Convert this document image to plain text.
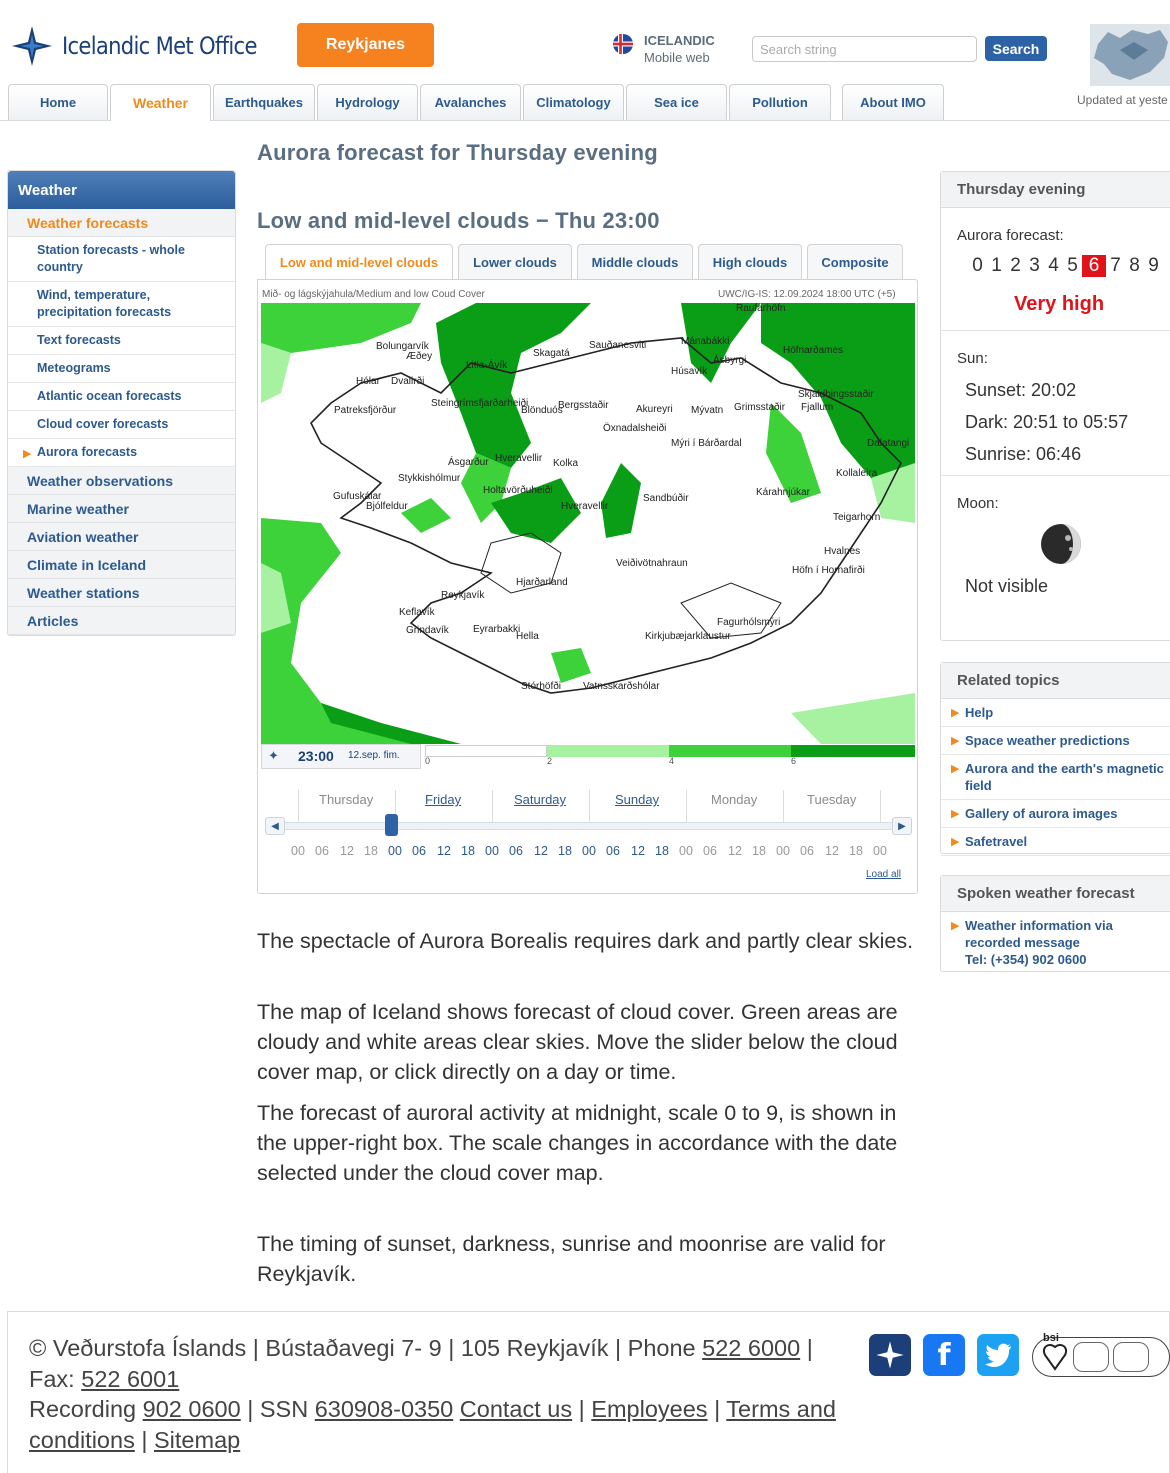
Icelandic Met Office	Reykjanes	ICELANDIC
Mobile web
Search string
Search
Updated at yeste
Home	Weather	Earthquakes	Hydrology	Avalanches	Climatology	Sea ice	Pollution	About IMO
Weather
Weather forecasts
Station forecasts - whole country
Wind, temperature, precipitation forecasts
Text forecasts
Meteograms
Atlantic ocean forecasts
Cloud cover forecasts
▶ Aurora forecasts
Weather observations
Marine weather
Aviation weather
Climate in Iceland
Weather stations
Articles
Aurora forecast for Thursday evening
Low and mid-level clouds − Thu 23:00
Low and mid-level clouds	Lower clouds	Middle clouds	High clouds	Composite
Mið- og lágskýjahula/Medium and low Coud Cover	UWC/IG-IS: 12.09.2024 18:00 UTC (+5)
Bolungarvík
Æðey
Hólar Dvalirði
Patreksfjörður
Litla-Ávík
Skagatá
Sauðanesviti	Mánabákki
Raufarhöfn
Ásbyrgi
Húsavík
Höfnarðames
Steingrímsfjarðarheiði
Blönduós
Bergsstaðir	Akureyri Mývatn Grimsstaðir
Skjaldbingsstaðir
Fjallum
Öxnadalsheiði
Mýri í Bárðardal	Dalatangi
Ásgarður Hveravellir Kolka
Kollaleira
Stykkishólmur
Holtavörðuheiði
Sandbúðir
Kárahnjúkar
Gufuskálar
Bjólfeldur	Hveravellir
Teigarhorn
Hvalnes
Veiðivötnahraun
Höfn í Hornafirði
Hjarðarland
Reykjavík
Keflavík
Grindavík Eyrarbakki
Hella
Fagurhólsmýri
Kirkjubæjarklaustur
Stórhöfði Vatnsskarðshólar
✦ 23:00 12.sep. fim.	0	2	4	6
Thursday	Friday	Saturday	Sunday	Monday	Tuesday
◀	▶
00 06 12 18 00 06 12 18 00 06 12 18 00 06 12 18 00 06 12 18 00 06 12 18 00
Load all
The spectacle of Aurora Borealis requires dark and partly clear skies.
The map of Iceland shows forecast of cloud cover. Green areas are cloudy and white areas clear skies. Move the slider below the cloud cover map, or click directly on a day or time.
The forecast of auroral activity at midnight, scale 0 to 9, is shown in the upper-right box. The scale changes in accordance with the date selected under the cloud cover map.
The timing of sunset, darkness, sunrise and moonrise are valid for Reykjavík.
Thursday evening
Aurora forecast:
0 1 2 3 4 5 6 7 8 9
Very high
Sun:
Sunset: 20:02
Dark: 20:51 to 05:57
Sunrise: 06:46
Moon:
Not visible
Related topics
▶ Help
▶ Space weather predictions
▶ Aurora and the earth's magnetic field
▶ Gallery of aurora images
▶ Safetravel
Spoken weather forecast
▶ Weather information via recorded message
Tel: (+354) 902 0600
© Veðurstofa Íslands | Bústaðavegi 7- 9 | 105 Reykjavík | Phone 522 6000 | Fax: 522 6001
Recording 902 0600 | SSN 630908-0350 Contact us | Employees | Terms and conditions | Sitemap
f	bsi
